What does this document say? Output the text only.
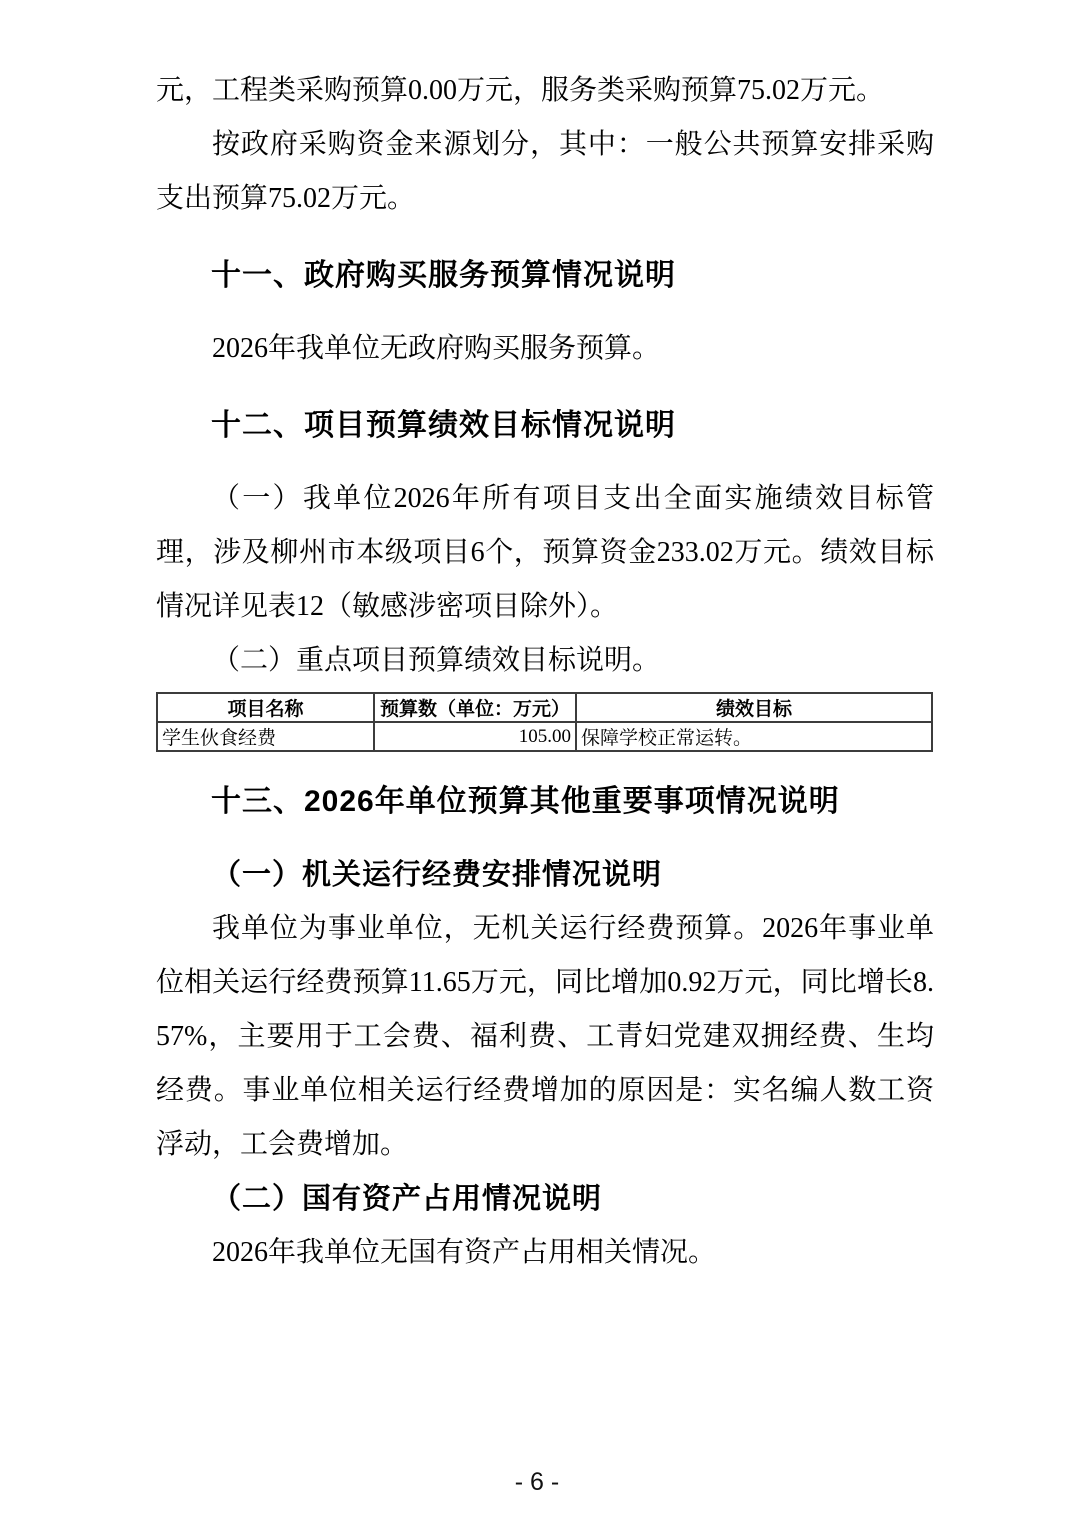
元，工程类采购预算0.00万元，服务类采购预算75.02万元。

按政府采购资金来源划分，其中：一般公共预算安排采购支出预算75.02万元。

十一、政府购买服务预算情况说明

2026年我单位无政府购买服务预算。

十二、项目预算绩效目标情况说明

（一）我单位2026年所有项目支出全面实施绩效目标管理，涉及柳州市本级项目6个，预算资金233.02万元。绩效目标情况详见表12（敏感涉密项目除外）。

（二）重点项目预算绩效目标说明。

项目名称	预算数（单位：万元）	绩效目标
学生伙食经费	105.00	保障学校正常运转。

十三、2026年单位预算其他重要事项情况说明

（一）机关运行经费安排情况说明

我单位为事业单位，无机关运行经费预算。2026年事业单位相关运行经费预算11.65万元，同比增加0.92万元，同比增长8.57%，主要用于工会费、福利费、工青妇党建双拥经费、生均经费。事业单位相关运行经费增加的原因是：实名编人数工资浮动，工会费增加。

（二）国有资产占用情况说明

2026年我单位无国有资产占用相关情况。

- 6 -
